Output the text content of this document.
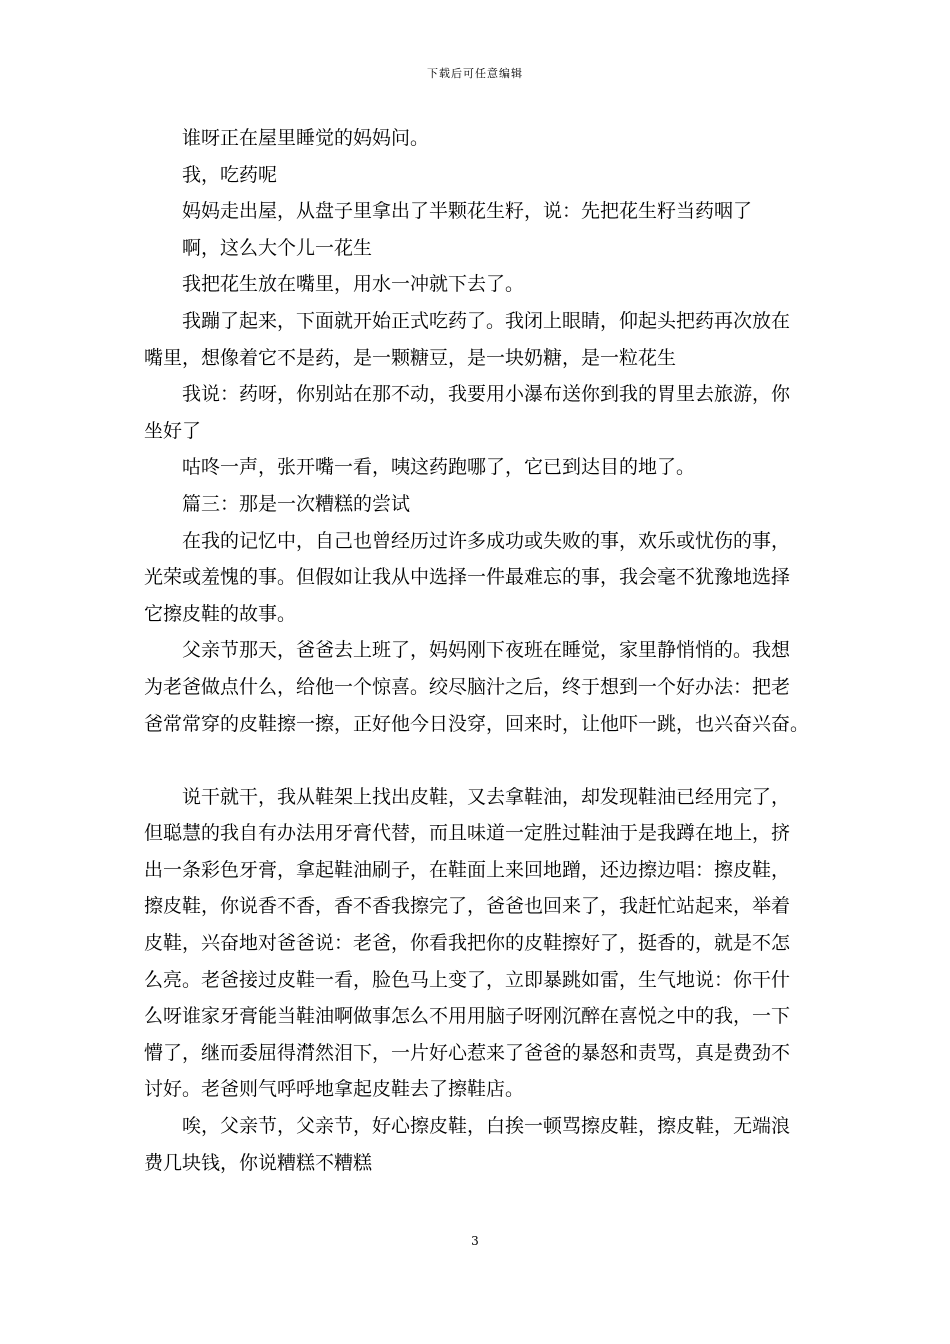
下载后可任意编辑

谁呀正在屋里睡觉的妈妈问。

我，吃药呢

妈妈走出屋，从盘子里拿出了半颗花生籽，说：先把花生籽当药咽了

啊，这么大个儿一花生

我把花生放在嘴里，用水一冲就下去了。

我蹦了起来，下面就开始正式吃药了。我闭上眼睛，仰起头把药再次放在
嘴里，想像着它不是药，是一颗糖豆，是一块奶糖，是一粒花生

我说：药呀，你别站在那不动，我要用小瀑布送你到我的胃里去旅游，你
坐好了

咕咚一声，张开嘴一看，咦这药跑哪了，它已到达目的地了。

篇三：那是一次糟糕的尝试

在我的记忆中，自己也曾经历过许多成功或失败的事，欢乐或忧伤的事，
光荣或羞愧的事。但假如让我从中选择一件最难忘的事，我会毫不犹豫地选择
它擦皮鞋的故事。

父亲节那天，爸爸去上班了，妈妈刚下夜班在睡觉，家里静悄悄的。我想
为老爸做点什么，给他一个惊喜。绞尽脑汁之后，终于想到一个好办法：把老
爸常常穿的皮鞋擦一擦，正好他今日没穿，回来时，让他吓一跳，也兴奋兴奋。

说干就干，我从鞋架上找出皮鞋，又去拿鞋油，却发现鞋油已经用完了，
但聪慧的我自有办法用牙膏代替，而且味道一定胜过鞋油于是我蹲在地上，挤
出一条彩色牙膏，拿起鞋油刷子，在鞋面上来回地蹭，还边擦边唱：擦皮鞋，
擦皮鞋，你说香不香，香不香我擦完了，爸爸也回来了，我赶忙站起来，举着
皮鞋，兴奋地对爸爸说：老爸，你看我把你的皮鞋擦好了，挺香的，就是不怎
么亮。老爸接过皮鞋一看，脸色马上变了，立即暴跳如雷，生气地说：你干什
么呀谁家牙膏能当鞋油啊做事怎么不用用脑子呀刚沉醉在喜悦之中的我，一下
懵了，继而委屈得潸然泪下，一片好心惹来了爸爸的暴怒和责骂，真是费劲不
讨好。老爸则气呼呼地拿起皮鞋去了擦鞋店。

唉，父亲节，父亲节，好心擦皮鞋，白挨一顿骂擦皮鞋，擦皮鞋，无端浪
费几块钱，你说糟糕不糟糕

3
